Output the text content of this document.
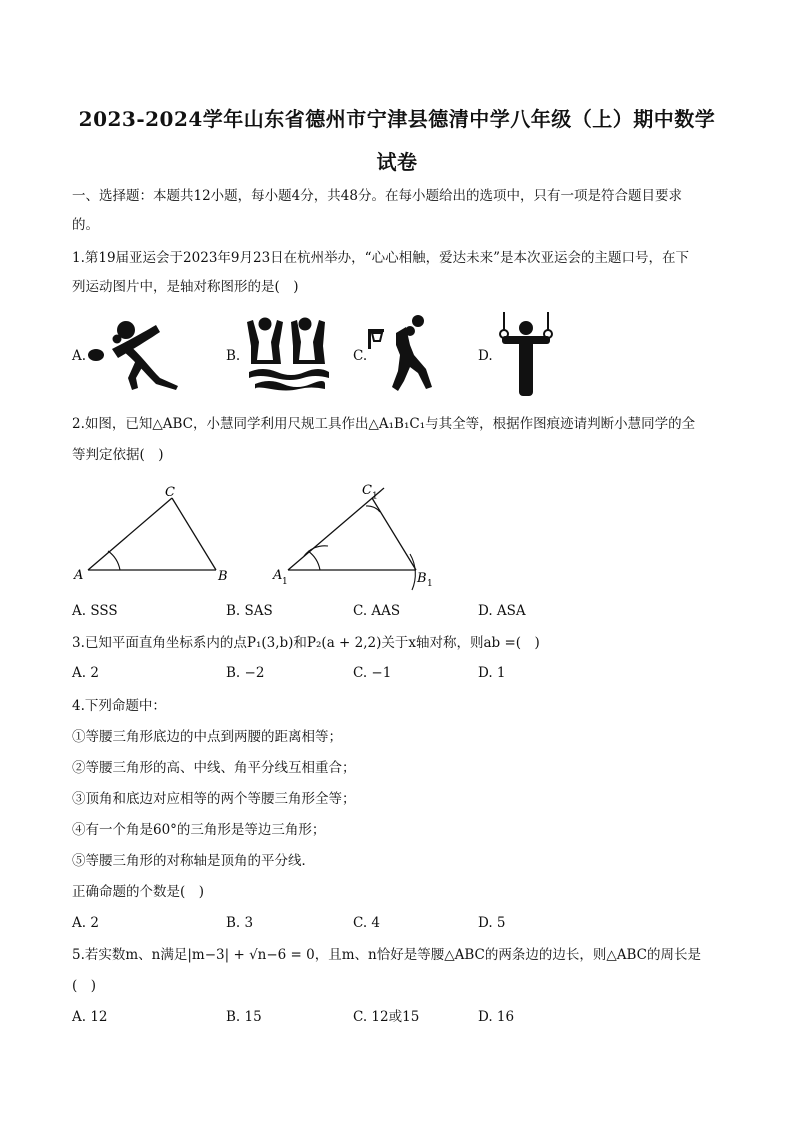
2023-2024学年山东省德州市宁津县德清中学八年级（上）期中数学
试卷
一、选择题：本题共12小题，每小题4分，共48分。在每小题给出的选项中，只有一项是符合题目要求
的。
1.第19届亚运会于2023年9月23日在杭州举办，“心心相触，爱达未来”是本次亚运会的主题口号，在下
列运动图片中，是轴对称图形的是(　)
A.	B.	C.	D.
2.如图，已知△ABC，小慧同学利用尺规工具作出△A₁B₁C₁与其全等，根据作图痕迹请判断小慧同学的全
等判定依据(　)
A	B
C
A 1	B 1
C 1
A. SSS	B. SAS	C. AAS	D. ASA
3.已知平面直角坐标系内的点P₁(3,b)和P₂(a + 2,2)关于x轴对称，则ab =(　)
A. 2	B. −2	C. −1	D. 1
4.下列命题中：
①等腰三角形底边的中点到两腰的距离相等；
②等腰三角形的高、中线、角平分线互相重合；
③顶角和底边对应相等的两个等腰三角形全等；
④有一个角是60°的三角形是等边三角形；
⑤等腰三角形的对称轴是顶角的平分线．
正确命题的个数是(　)
A. 2	B. 3	C. 4	D. 5
5.若实数m、n满足|m−3| + √n−6 = 0，且m、n恰好是等腰△ABC的两条边的边长，则△ABC的周长是
(　)
A. 12	B. 15	C. 12或15	D. 16
